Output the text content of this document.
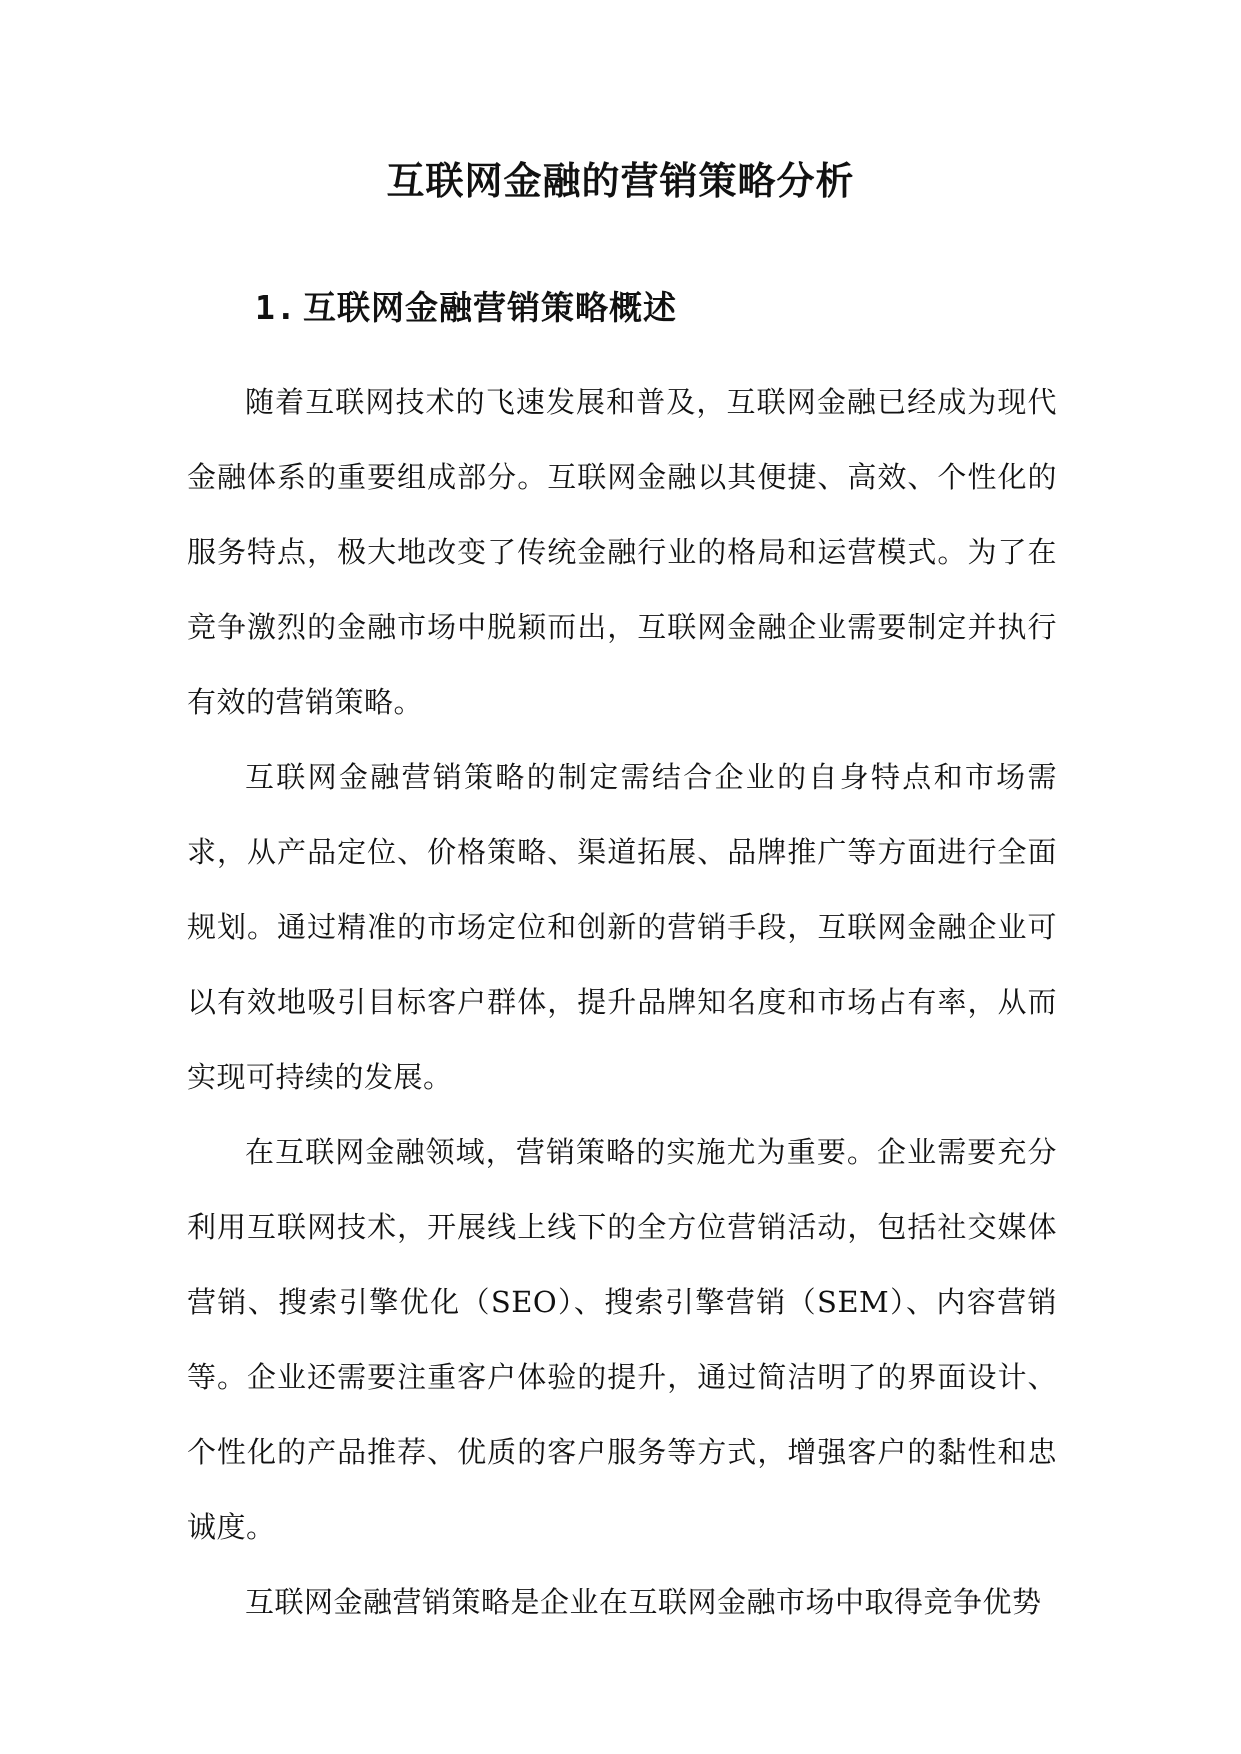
互联网金融的营销策略分析
1. 互联网金融营销策略概述

随着互联网技术的飞速发展和普及，互联网金融已经成为现代金融体系的重要组成部分。互联网金融以其便捷、高效、个性化的服务特点，极大地改变了传统金融行业的格局和运营模式。为了在竞争激烈的金融市场中脱颖而出，互联网金融企业需要制定并执行有效的营销策略。

互联网金融营销策略的制定需结合企业的自身特点和市场需求，从产品定位、价格策略、渠道拓展、品牌推广等方面进行全面规划。通过精准的市场定位和创新的营销手段，互联网金融企业可以有效地吸引目标客户群体，提升品牌知名度和市场占有率，从而实现可持续的发展。

在互联网金融领域，营销策略的实施尤为重要。企业需要充分利用互联网技术，开展线上线下的全方位营销活动，包括社交媒体营销、搜索引擎优化（SEO）、搜索引擎营销（SEM）、内容营销等。企业还需要注重客户体验的提升，通过简洁明了的界面设计、个性化的产品推荐、优质的客户服务等方式，增强客户的黏性和忠诚度。

互联网金融营销策略是企业在互联网金融市场中取得竞争优势
